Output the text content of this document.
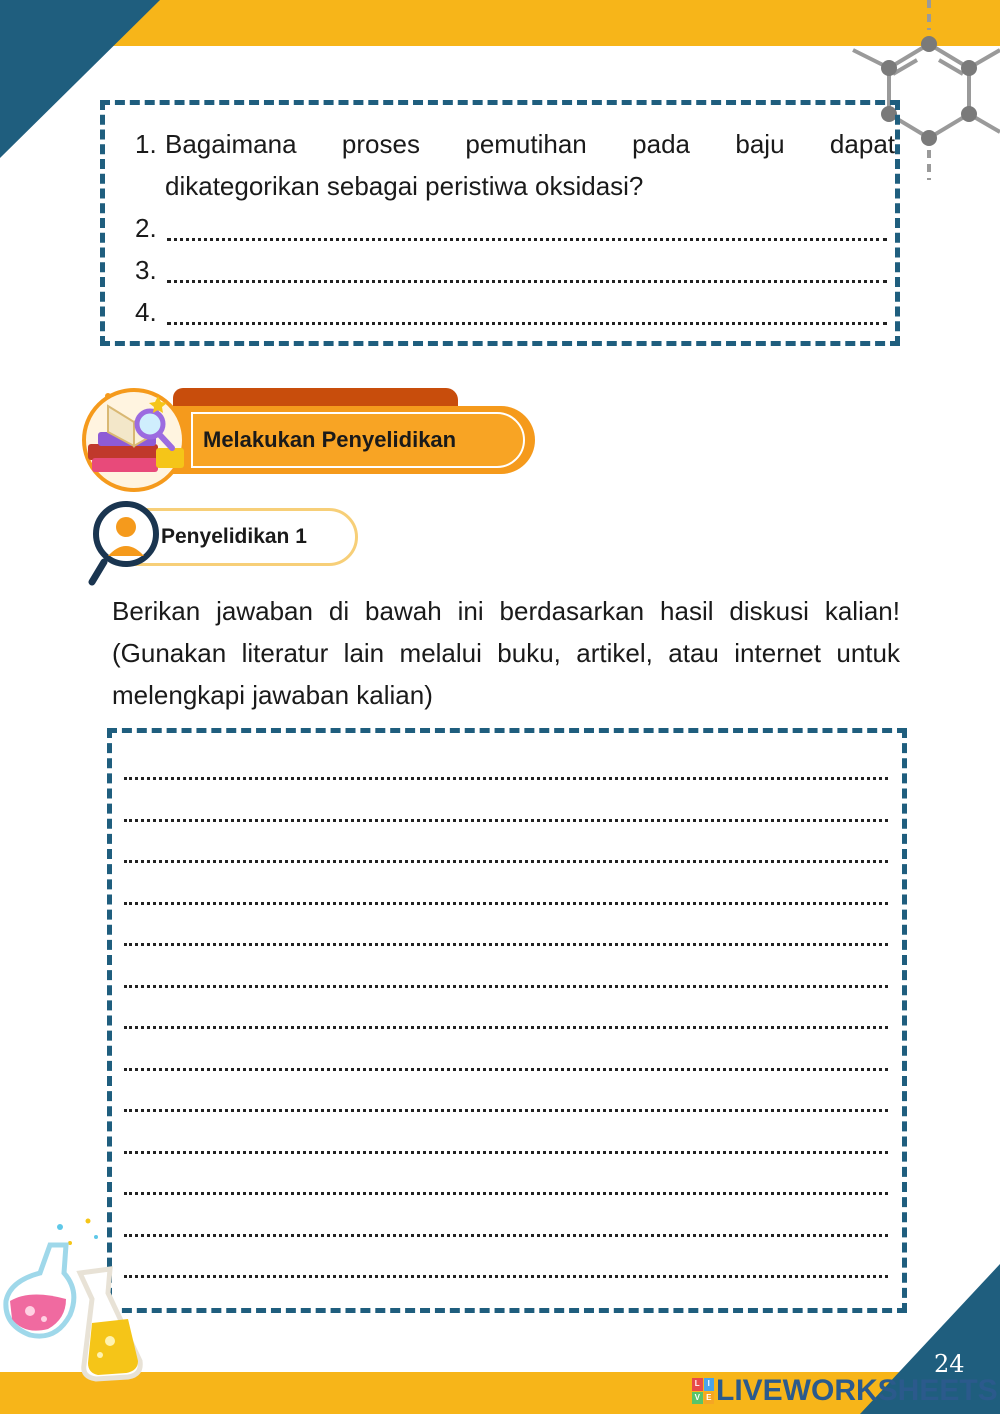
1. Bagaimana proses pemutihan pada baju dapat
dikategorikan sebagai peristiwa oksidasi?
2.
3.
4.
Melakukan Penyelidikan
Penyelidikan 1

Berikan jawaban di bawah ini berdasarkan hasil diskusi kalian! (Gunakan literatur lain melalui buku, artikel, atau internet untuk melengkapi jawaban kalian)

24
L I
V E LIVEWORKSHEETS
